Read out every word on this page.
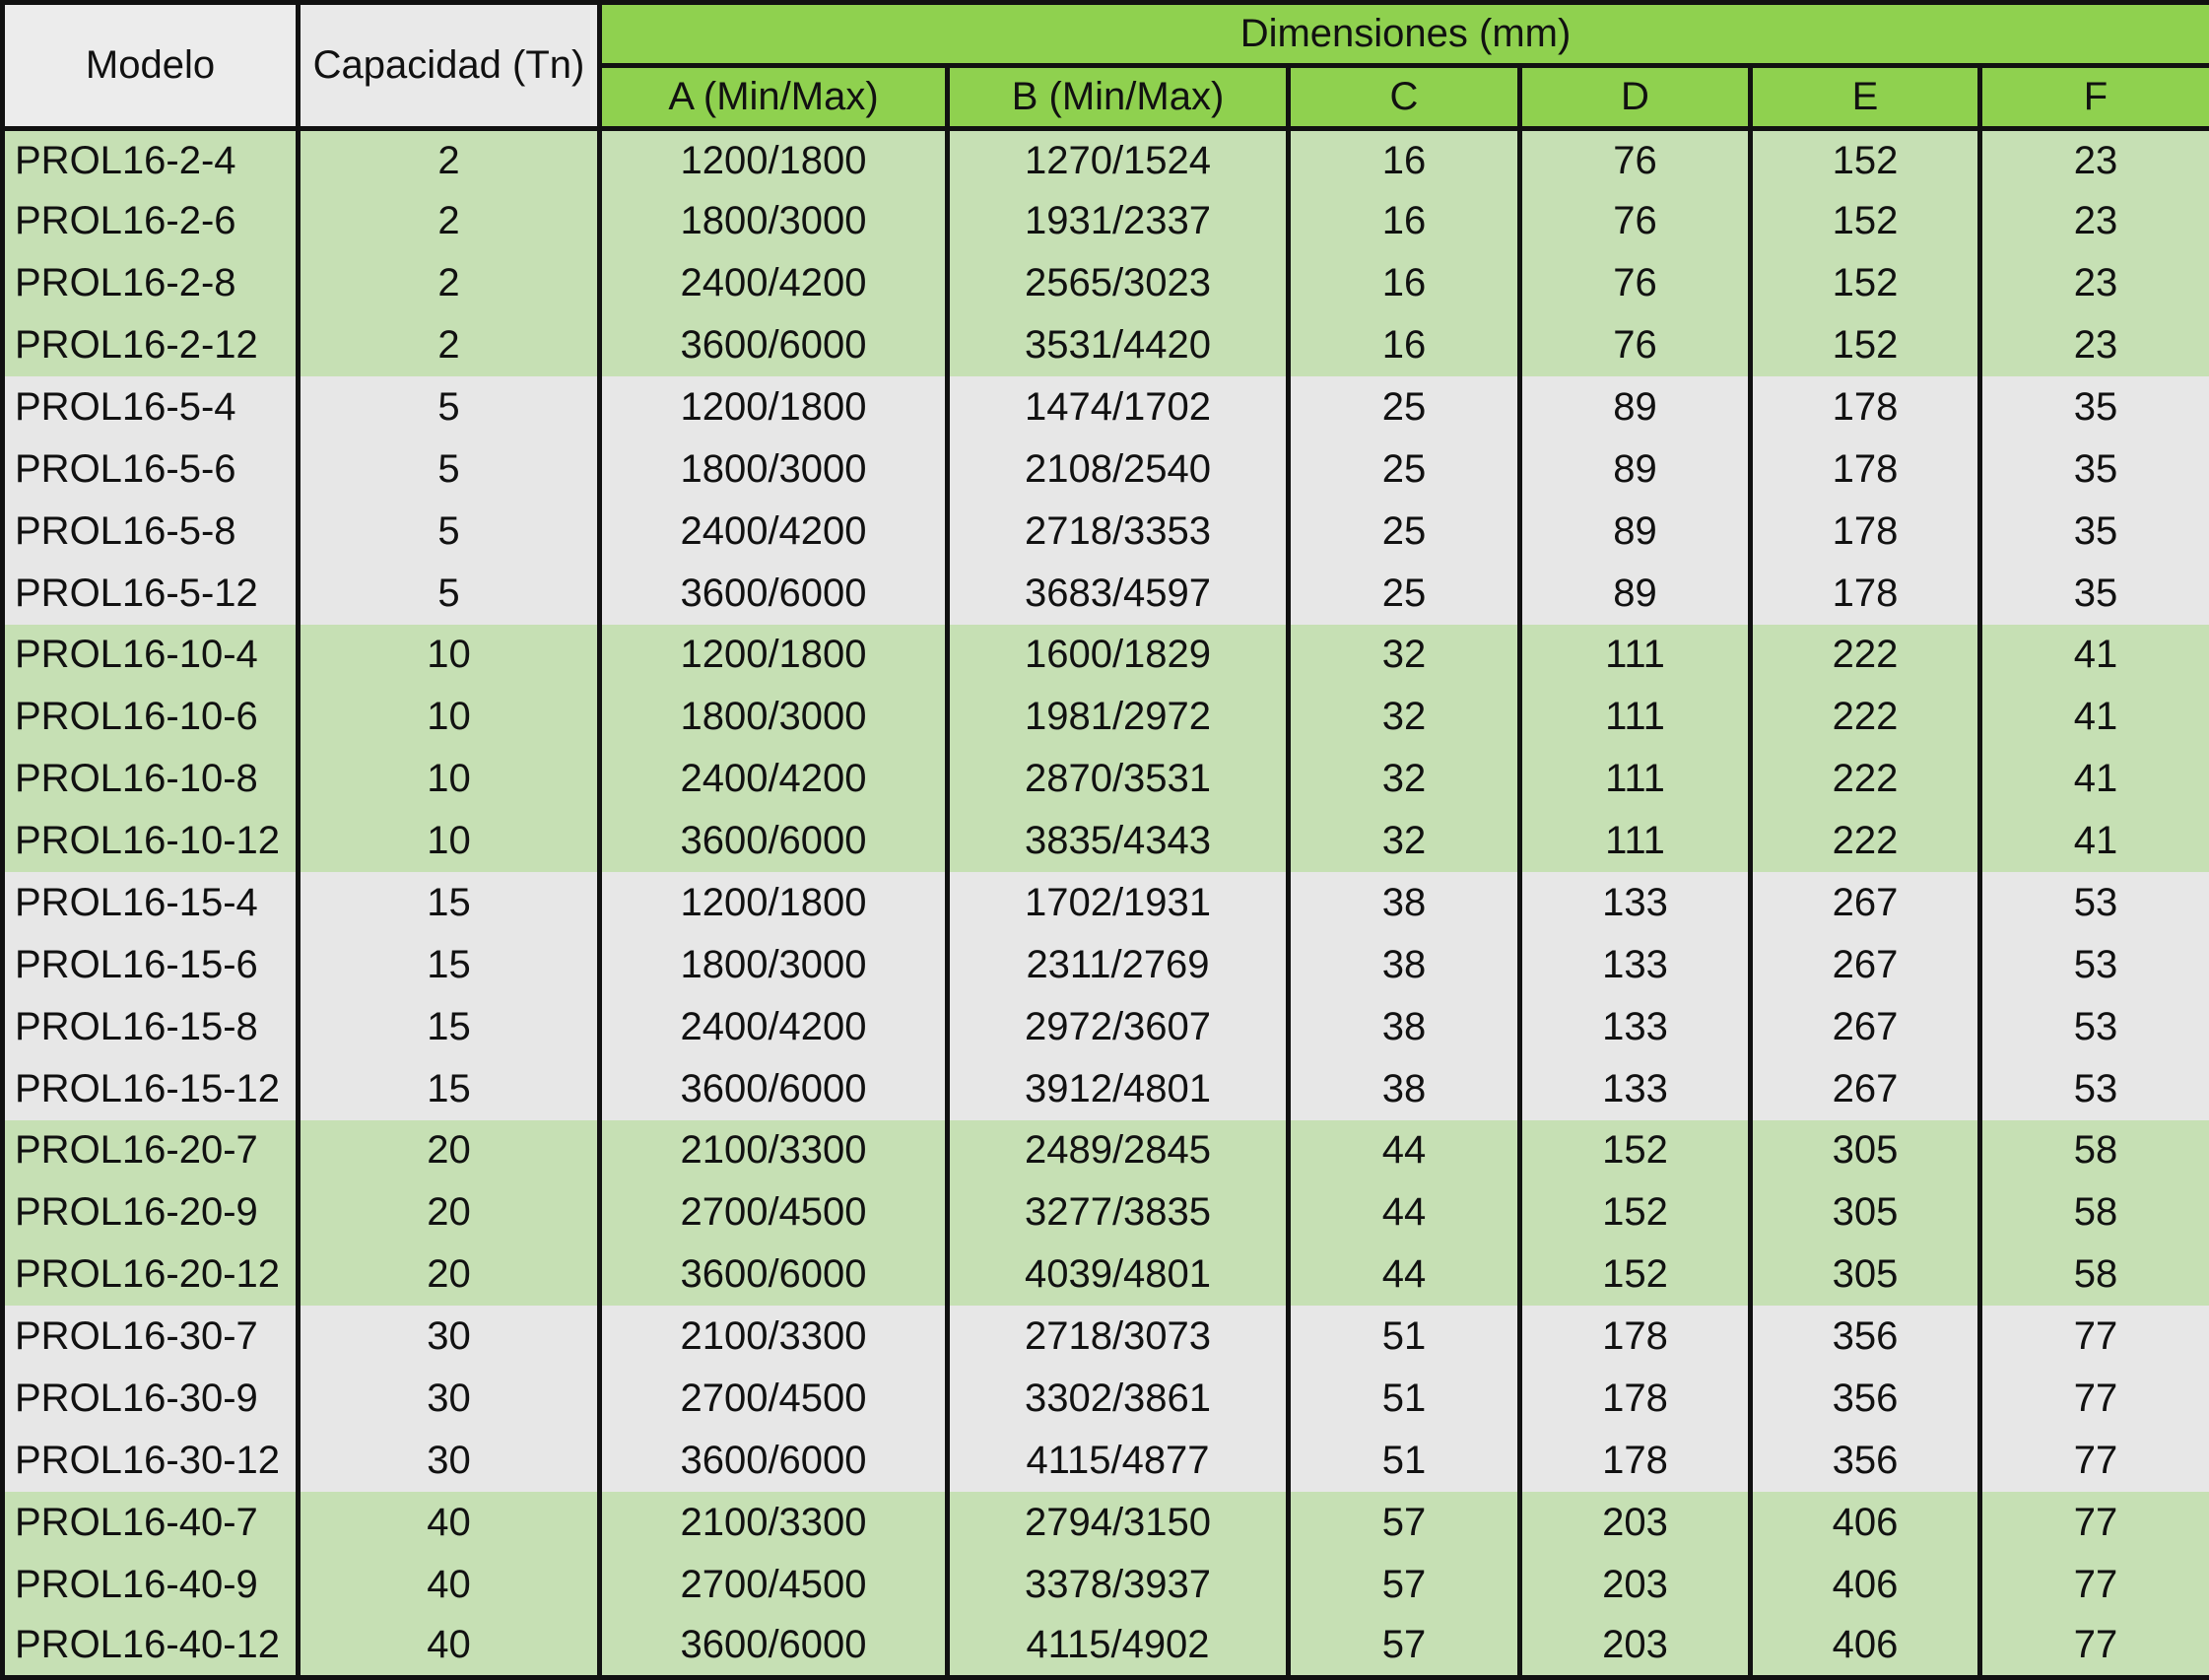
Modelo	Capacidad (Tn)	Dimensiones (mm)					
		A (Min/Max)	B (Min/Max)	C	D	E	F
PROL16-2-4	2	1200/1800	1270/1524	16	76	152	23
PROL16-2-6	2	1800/3000	1931/2337	16	76	152	23
PROL16-2-8	2	2400/4200	2565/3023	16	76	152	23
PROL16-2-12	2	3600/6000	3531/4420	16	76	152	23
PROL16-5-4	5	1200/1800	1474/1702	25	89	178	35
PROL16-5-6	5	1800/3000	2108/2540	25	89	178	35
PROL16-5-8	5	2400/4200	2718/3353	25	89	178	35
PROL16-5-12	5	3600/6000	3683/4597	25	89	178	35
PROL16-10-4	10	1200/1800	1600/1829	32	111	222	41
PROL16-10-6	10	1800/3000	1981/2972	32	111	222	41
PROL16-10-8	10	2400/4200	2870/3531	32	111	222	41
PROL16-10-12	10	3600/6000	3835/4343	32	111	222	41
PROL16-15-4	15	1200/1800	1702/1931	38	133	267	53
PROL16-15-6	15	1800/3000	2311/2769	38	133	267	53
PROL16-15-8	15	2400/4200	2972/3607	38	133	267	53
PROL16-15-12	15	3600/6000	3912/4801	38	133	267	53
PROL16-20-7	20	2100/3300	2489/2845	44	152	305	58
PROL16-20-9	20	2700/4500	3277/3835	44	152	305	58
PROL16-20-12	20	3600/6000	4039/4801	44	152	305	58
PROL16-30-7	30	2100/3300	2718/3073	51	178	356	77
PROL16-30-9	30	2700/4500	3302/3861	51	178	356	77
PROL16-30-12	30	3600/6000	4115/4877	51	178	356	77
PROL16-40-7	40	2100/3300	2794/3150	57	203	406	77
PROL16-40-9	40	2700/4500	3378/3937	57	203	406	77
PROL16-40-12	40	3600/6000	4115/4902	57	203	406	77
